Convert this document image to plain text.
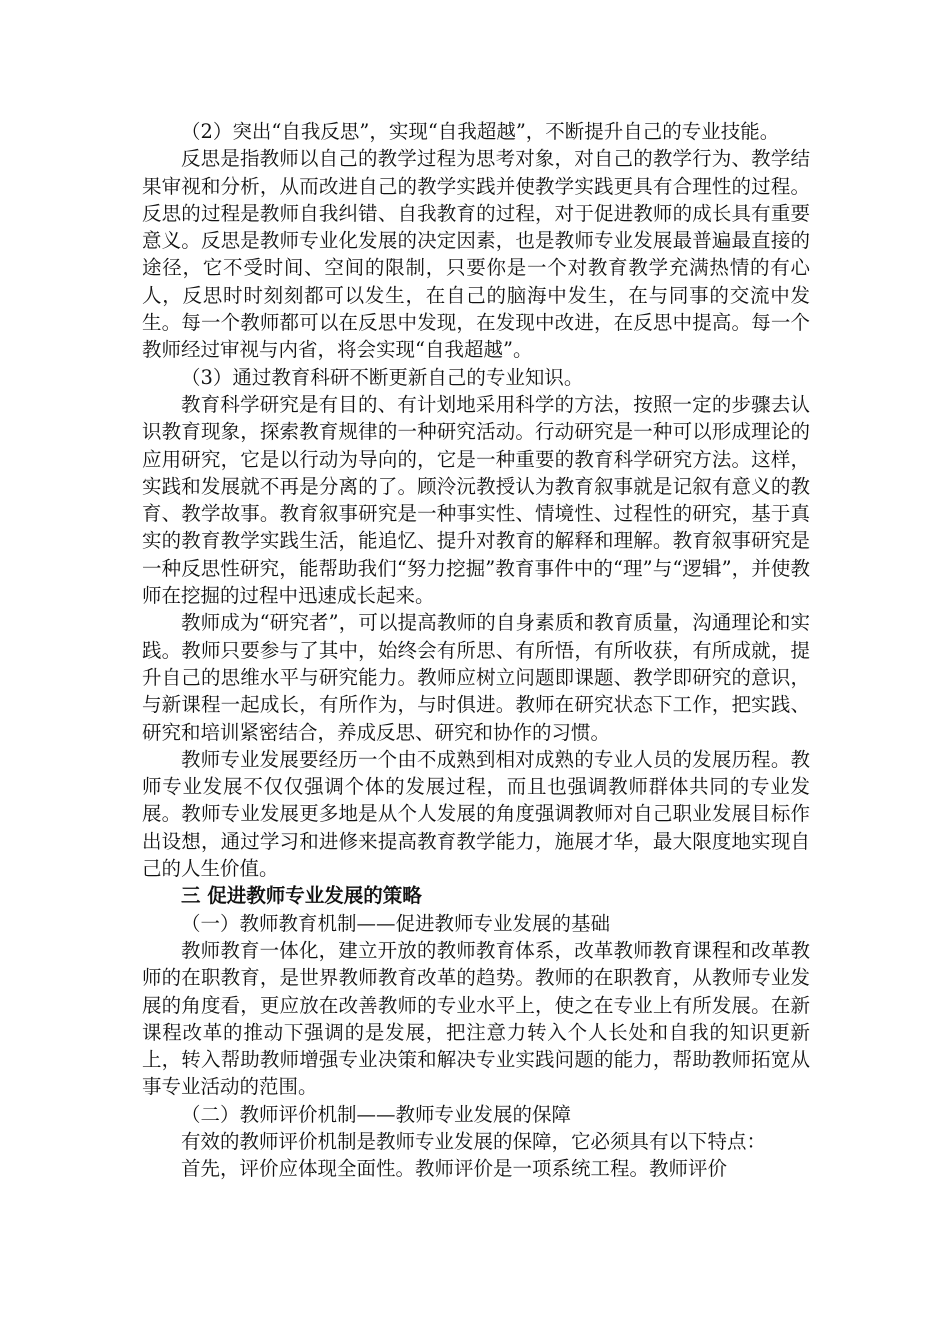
（2）突出“自我反思”，实现“自我超越”，不断提升自己的专业技能。

反思是指教师以自己的教学过程为思考对象，对自己的教学行为、教学结果审视和分析，从而改进自己的教学实践并使教学实践更具有合理性的过程。反思的过程是教师自我纠错、自我教育的过程，对于促进教师的成长具有重要意义。反思是教师专业化发展的决定因素，也是教师专业发展最普遍最直接的途径，它不受时间、空间的限制，只要你是一个对教育教学充满热情的有心人，反思时时刻刻都可以发生，在自己的脑海中发生，在与同事的交流中发生。每一个教师都可以在反思中发现，在发现中改进，在反思中提高。每一个教师经过审视与内省，将会实现“自我超越”。

（3）通过教育科研不断更新自己的专业知识。

教育科学研究是有目的、有计划地采用科学的方法，按照一定的步骤去认识教育现象，探索教育规律的一种研究活动。行动研究是一种可以形成理论的应用研究，它是以行动为导向的，它是一种重要的教育科学研究方法。这样，实践和发展就不再是分离的了。顾泠沅教授认为教育叙事就是记叙有意义的教育、教学故事。教育叙事研究是一种事实性、情境性、过程性的研究，基于真实的教育教学实践生活，能追忆、提升对教育的解释和理解。教育叙事研究是一种反思性研究，能帮助我们“努力挖掘”教育事件中的“理”与“逻辑”，并使教师在挖掘的过程中迅速成长起来。

教师成为“研究者”，可以提高教师的自身素质和教育质量，沟通理论和实践。教师只要参与了其中，始终会有所思、有所悟，有所收获，有所成就，提升自己的思维水平与研究能力。教师应树立问题即课题、教学即研究的意识，与新课程一起成长，有所作为，与时俱进。教师在研究状态下工作，把实践、研究和培训紧密结合，养成反思、研究和协作的习惯。

教师专业发展要经历一个由不成熟到相对成熟的专业人员的发展历程。教师专业发展不仅仅强调个体的发展过程，而且也强调教师群体共同的专业发展。教师专业发展更多地是从个人发展的角度强调教师对自己职业发展目标作出设想，通过学习和进修来提高教育教学能力，施展才华，最大限度地实现自己的人生价值。

三 促进教师专业发展的策略

（一）教师教育机制——促进教师专业发展的基础

教师教育一体化，建立开放的教师教育体系，改革教师教育课程和改革教师的在职教育，是世界教师教育改革的趋势。教师的在职教育，从教师专业发展的角度看，更应放在改善教师的专业水平上，使之在专业上有所发展。在新课程改革的推动下强调的是发展，把注意力转入个人长处和自我的知识更新上，转入帮助教师增强专业决策和解决专业实践问题的能力，帮助教师拓宽从事专业活动的范围。

（二）教师评价机制——教师专业发展的保障

有效的教师评价机制是教师专业发展的保障，它必须具有以下特点：

首先，评价应体现全面性。教师评价是一项系统工程。教师评价
